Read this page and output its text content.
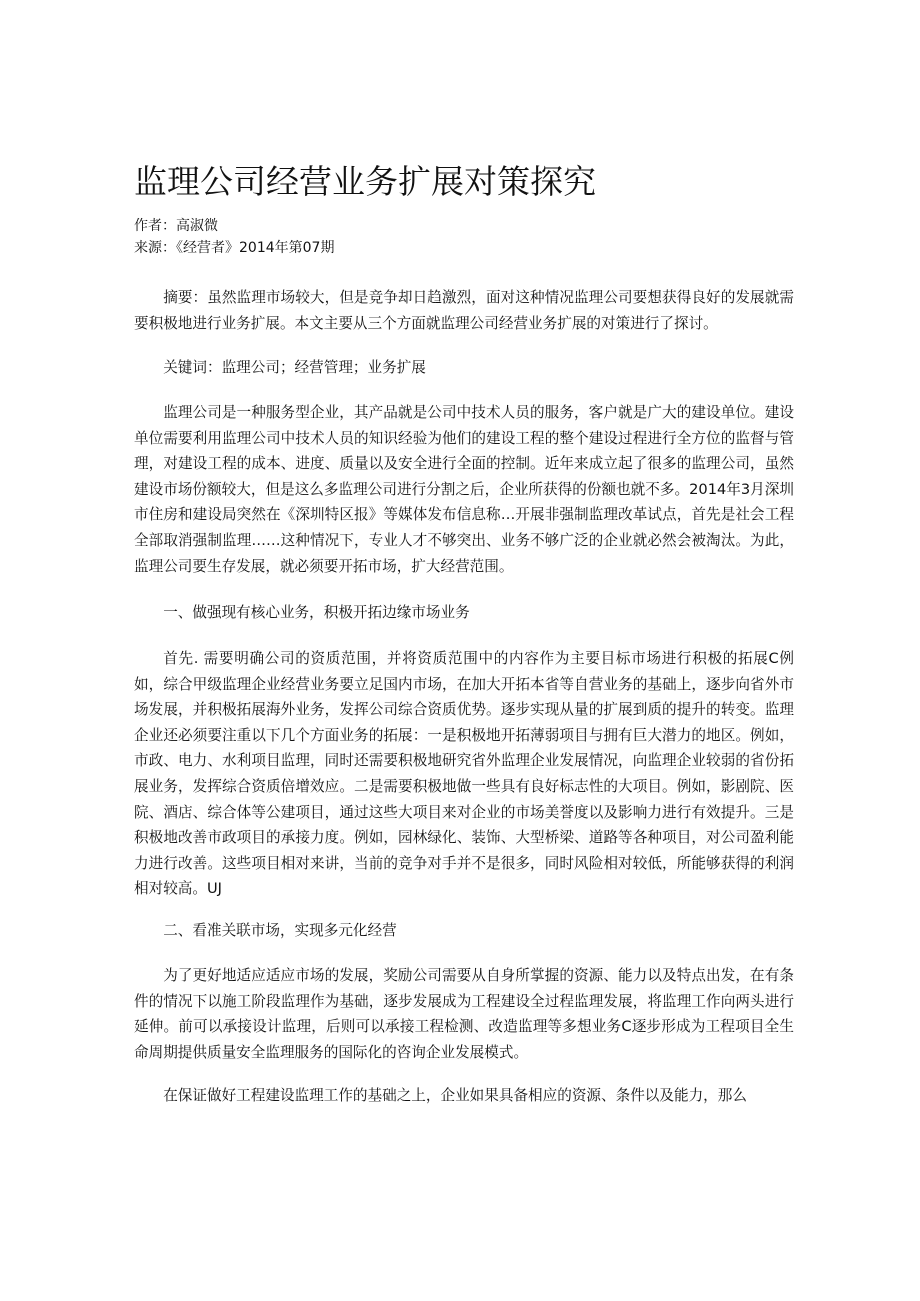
监理公司经营业务扩展对策探究
作者：高淑微
来源：《经营者》2014年第07期

摘要：虽然监理市场较大，但是竞争却日趋激烈，面对这种情况监理公司要想获得良好的发展就需要积极地进行业务扩展。本文主要从三个方面就监理公司经营业务扩展的对策进行了探讨。

关键词：监理公司；经营管理；业务扩展

监理公司是一种服务型企业，其产品就是公司中技术人员的服务，客户就是广大的建设单位。建设单位需要利用监理公司中技术人员的知识经验为他们的建设工程的整个建设过程进行全方位的监督与管理，对建设工程的成本、进度、质量以及安全进行全面的控制。近年来成立起了很多的监理公司，虽然建设市场份额较大，但是这么多监理公司进行分割之后，企业所获得的份额也就不多。2014年3月深圳市住房和建设局突然在《深圳特区报》等媒体发布信息称…开展非强制监理改革试点，首先是社会工程全部取消强制监理……这种情况下，专业人才不够突出、业务不够广泛的企业就必然会被淘汰。为此，监理公司要生存发展，就必须要开拓市场，扩大经营范围。

一、做强现有核心业务，积极开拓边缘市场业务

首先. 需要明确公司的资质范围，并将资质范围中的内容作为主要目标市场进行积极的拓展C例如，综合甲级监理企业经营业务要立足国内市场，在加大开拓本省等自营业务的基础上，逐步向省外市场发展，并积极拓展海外业务，发挥公司综合资质优势。逐步实现从量的扩展到质的提升的转变。监理企业还必须要注重以下几个方面业务的拓展：一是积极地开拓薄弱项目与拥有巨大潜力的地区。例如，市政、电力、水利项目监理，同时还需要积极地研究省外监理企业发展情况，向监理企业较弱的省份拓展业务，发挥综合资质倍增效应。二是需要积极地做一些具有良好标志性的大项目。例如，影剧院、医院、酒店、综合体等公建项目，通过这些大项目来对企业的市场美誉度以及影响力进行有效提升。三是积极地改善市政项目的承接力度。例如，园林绿化、装饰、大型桥梁、道路等各种项目，对公司盈利能力进行改善。这些项目相对来讲，当前的竞争对手并不是很多，同时风险相对较低，所能够获得的利润相对较高。UJ

二、看准关联市场，实现多元化经营

为了更好地适应适应市场的发展，奖励公司需要从自身所掌握的资源、能力以及特点出发，在有条件的情况下以施工阶段监理作为基础，逐步发展成为工程建设全过程监理发展，将监理工作向两头进行延伸。前可以承接设计监理，后则可以承接工程检测、改造监理等多想业务C逐步形成为工程项目全生命周期提供质量安全监理服务的国际化的咨询企业发展模式。

在保证做好工程建设监理工作的基础之上，企业如果具备相应的资源、条件以及能力，那么
